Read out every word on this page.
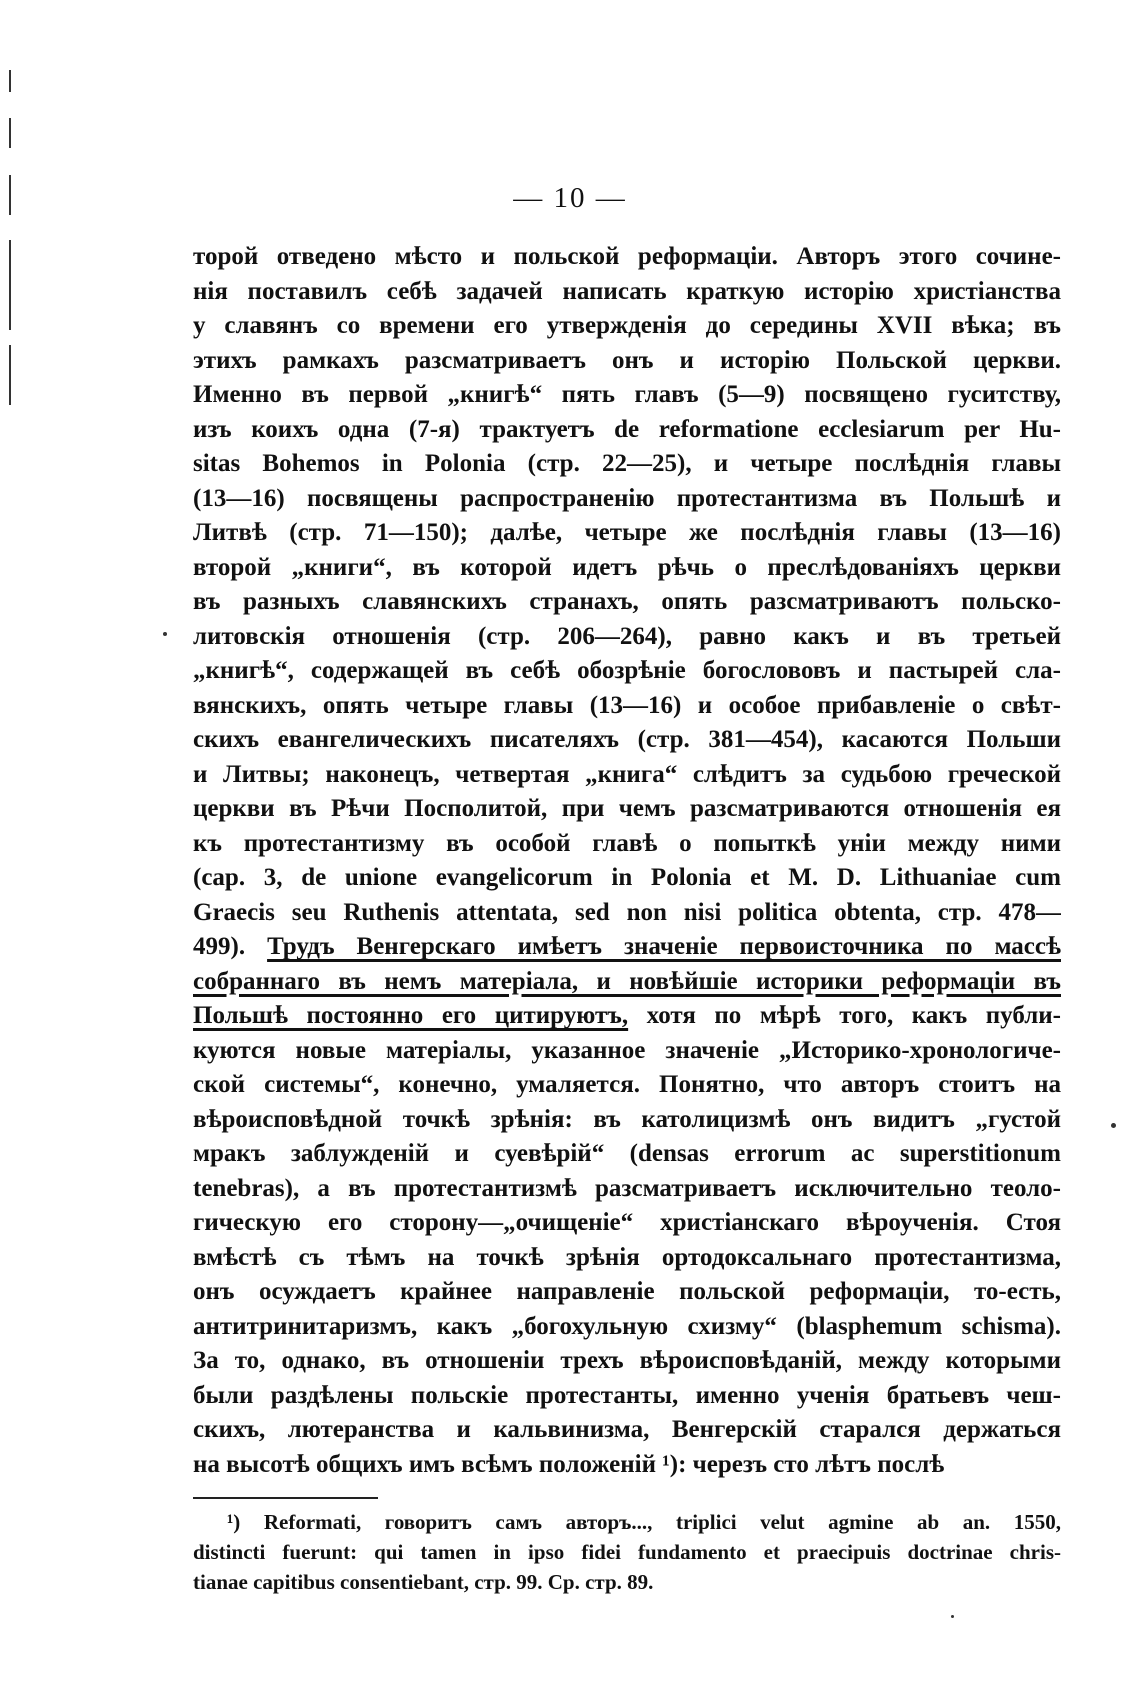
— 10 —
торой отведено мѣсто и польской реформаціи. Авторъ этого сочине-
нія поставилъ себѣ задачей написать краткую исторію христіанства
у славянъ со времени его утвержденія до середины XVII вѣка; въ
этихъ рамкахъ разсматриваетъ онъ и исторію Польской церкви.
Именно въ первой „книгѣ“ пять главъ (5—9) посвящено гуситству,
изъ коихъ одна (7-я) трактуетъ de reformatione ecclesiarum per Hu-
sitas Bohemos in Polonia (стр. 22—25), и четыре послѣднія главы
(13—16) посвящены распространенію протестантизма въ Польшѣ и
Литвѣ (стр. 71—150); далѣе, четыре же послѣднія главы (13—16)
второй „книги“, въ которой идетъ рѣчь о преслѣдованіяхъ церкви
въ разныхъ славянскихъ странахъ, опять разсматриваютъ польско-
литовскія отношенія (стр. 206—264), равно какъ и въ третьей
„книгѣ“, содержащей въ себѣ обозрѣніе богослововъ и пастырей сла-
вянскихъ, опять четыре главы (13—16) и особое прибавленіе о свѣт-
скихъ евангелическихъ писателяхъ (стр. 381—454), касаются Польши
и Литвы; наконецъ, четвертая „книга“ слѣдитъ за судьбою греческой
церкви въ Рѣчи Посполитой, при чемъ разсматриваются отношенія ея
къ протестантизму въ особой главѣ о попыткѣ уніи между ними
(cap. 3, de unione evangelicorum in Polonia et M. D. Lithuaniae cum
Graecis seu Ruthenis attentata, sed non nisi politica obtenta, стр. 478—
499). Трудъ Венгерскаго имѣетъ значеніе первоисточника по массѣ
собраннаго въ немъ матеріала, и новѣйшіе историки реформаціи въ
Польшѣ постоянно его цитируютъ, хотя по мѣрѣ того, какъ публи-
куются новые матеріалы, указанное значеніе „Историко-хронологиче-
ской системы“, конечно, умаляется. Понятно, что авторъ стоитъ на
вѣроисповѣдной точкѣ зрѣнія: въ католицизмѣ онъ видитъ „густой
мракъ заблужденій и суевѣрій“ (densas errorum ac superstitionum
tenebras), а въ протестантизмѣ разсматриваетъ исключительно теоло-
гическую его сторону—„очищеніе“ христіанскаго вѣроученія. Стоя
вмѣстѣ съ тѣмъ на точкѣ зрѣнія ортодоксальнаго протестантизма,
онъ осуждаетъ крайнее направленіе польской реформаціи, то-есть,
антитринитаризмъ, какъ „богохульную схизму“ (blasphemum schisma).
За то, однако, въ отношеніи трехъ вѣроисповѣданій, между которыми
были раздѣлены польскіе протестанты, именно ученія братьевъ чеш-
скихъ, лютеранства и кальвинизма, Венгерскій старался держаться
на высотѣ общихъ имъ всѣмъ положеній ¹): черезъ сто лѣтъ послѣ
¹) Reformati, говоритъ самъ авторъ..., triplici velut agmine ab an. 1550,
distincti fuerunt: qui tamen in ipso fidei fundamento et praecipuis doctrinae chris-
tianae capitibus consentiebant, стр. 99. Ср. стр. 89.
